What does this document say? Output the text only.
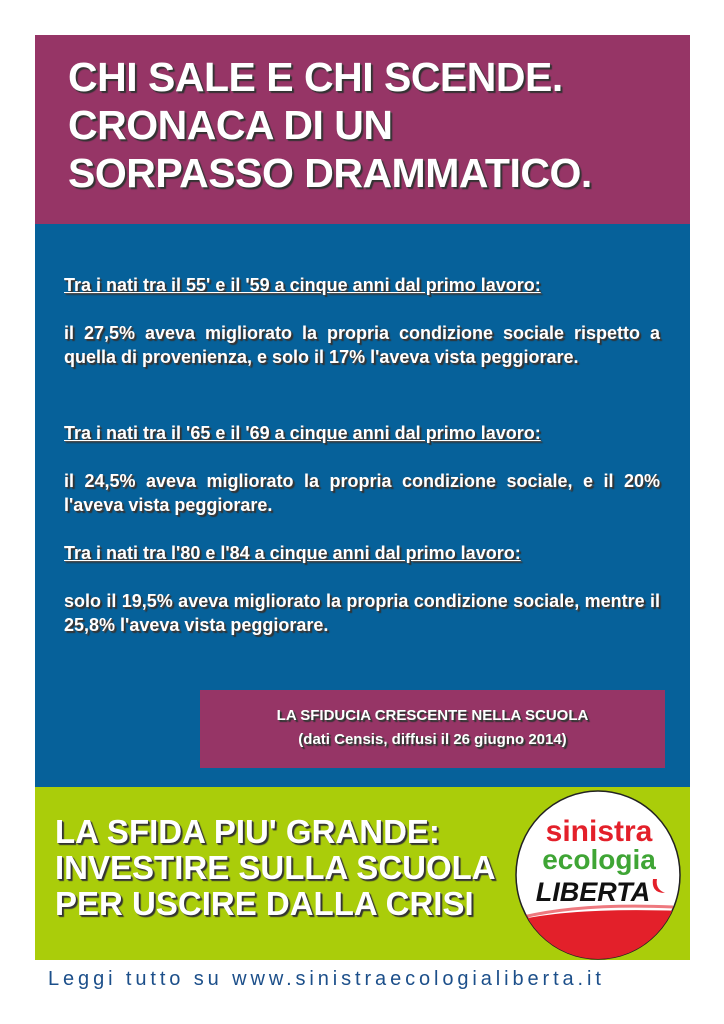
CHI SALE E CHI SCENDE.
CRONACA DI UN
SORPASSO DRAMMATICO.
Tra i nati tra il 55' e il '59 a cinque anni dal primo lavoro:
il 27,5% aveva migliorato la propria condizione sociale rispetto a quella di provenienza, e solo il 17% l'aveva vista peggiorare.
Tra i nati tra il '65 e il '69 a cinque anni dal primo lavoro:
il 24,5% aveva migliorato la propria condizione sociale, e il 20% l'aveva vista peggiorare.
Tra i nati tra l'80 e l'84 a cinque anni dal primo lavoro:
solo il 19,5% aveva migliorato la propria condizione sociale, mentre il 25,8% l'aveva vista peggiorare.
LA SFIDUCIA CRESCENTE NELLA SCUOLA
(dati Censis, diffusi il 26 giugno 2014)
LA SFIDA PIU' GRANDE:
INVESTIRE SULLA SCUOLA
PER USCIRE DALLA CRISI
sinistra
ecologia
LIBERTA
Leggi tutto su www.sinistraecologialiberta.it
